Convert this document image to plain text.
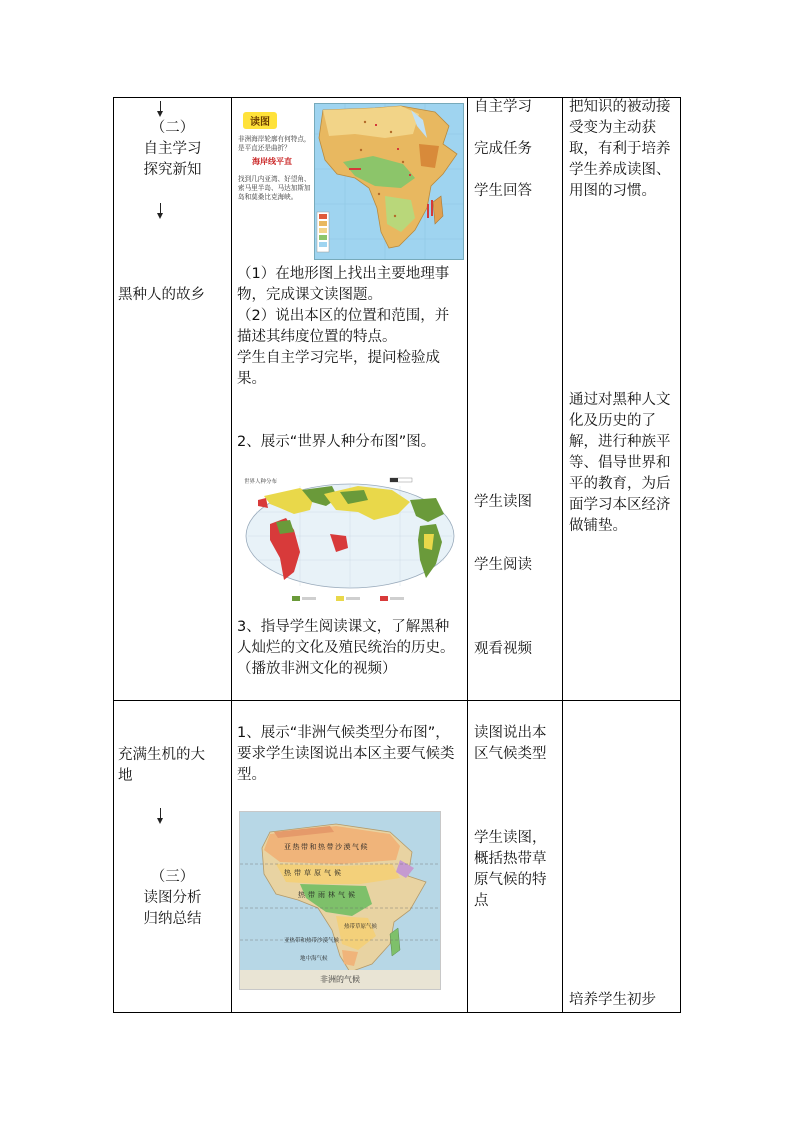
（二）
自主学习
探究新知
黑种人的故乡
充满生机的大
地
（三）
读图分析
归纳总结
读图
非洲海岸轮廓有何特点，是平直还是曲折？
海岸线平直
找到几内亚湾、好望角、索马里半岛、马达加斯加岛和莫桑比克海峡。
（1）在地形图上找出主要地理事物，完成课文读图题。
（2）说出本区的位置和范围，并描述其纬度位置的特点。
学生自主学习完毕，提问检验成果。
2、展示“世界人种分布图”图。
世界人种分布
3、指导学生阅读课文，了解黑种人灿烂的文化及殖民统治的历史。（播放非洲文化的视频）
1、展示“非洲气候类型分布图”，要求学生读图说出本区主要气候类型。
亚热带和热带沙漠气候
热带草原气候
热带雨林气候
热带草原气候
亚热带和热带沙漠气候
地中海气候
非洲的气候
自主学习
完成任务
学生回答
学生读图
学生阅读
观看视频
读图说出本区气候类型
学生读图，概括热带草原气候的特点
把知识的被动接受变为主动获取，有利于培养学生养成读图、用图的习惯。
通过对黑种人文化及历史的了解，进行种族平等、倡导世界和平的教育，为后面学习本区经济做铺垫。
培养学生初步
